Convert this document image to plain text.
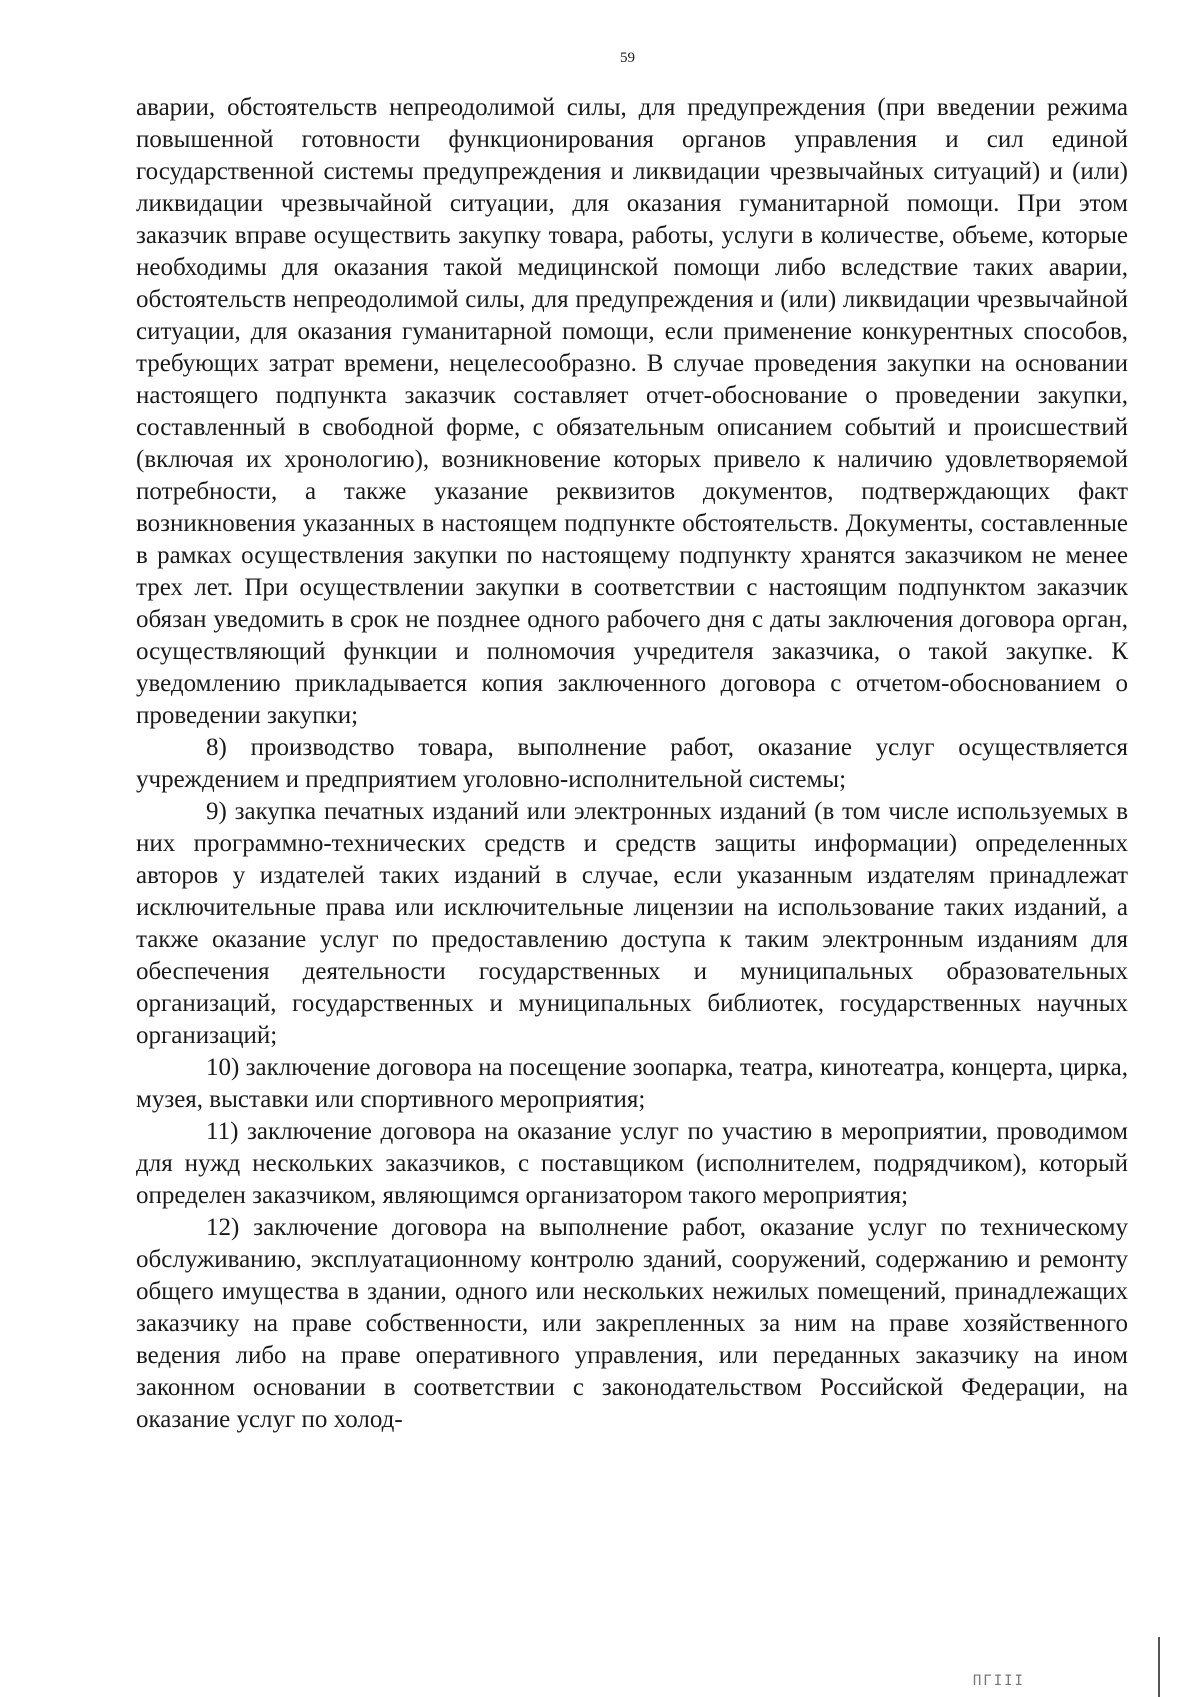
59

аварии, обстоятельств непреодолимой силы, для предупреждения (при введении режима повышенной готовности функционирования органов управления и сил единой государственной системы предупреждения и ликвидации чрезвычайных ситуаций) и (или) ликвидации чрезвычайной ситуации, для оказания гуманитарной помощи. При этом заказчик вправе осуществить закупку товара, работы, услуги в количестве, объеме, которые необходимы для оказания такой медицинской помощи либо вследствие таких аварии, обстоятельств непреодолимой силы, для предупреждения и (или) ликвидации чрезвычайной ситуации, для оказания гуманитарной помощи, если применение конкурентных способов, требующих затрат времени, нецелесообразно. В случае проведения закупки на основании настоящего подпункта заказчик составляет отчет-обоснование о проведении закупки, составленный в свободной форме, с обязательным описанием событий и происшествий (включая их хронологию), возникновение которых привело к наличию удовлетворяемой потребности, а также указание реквизитов документов, подтверждающих факт возникновения указанных в настоящем подпункте обстоятельств. Документы, составленные в рамках осуществления закупки по настоящему подпункту хранятся заказчиком не менее трех лет. При осуществлении закупки в соответствии с настоящим подпунктом заказчик обязан уведомить в срок не позднее одного рабочего дня с даты заключения договора орган, осуществляющий функции и полномочия учредителя заказчика, о такой закупке. К уведомлению прикладывается копия заключенного договора с отчетом-обоснованием о проведении закупки;

8) производство товара, выполнение работ, оказание услуг осуществляется учреждением и предприятием уголовно-исполнительной системы;

9) закупка печатных изданий или электронных изданий (в том числе используемых в них программно-технических средств и средств защиты информации) определенных авторов у издателей таких изданий в случае, если указанным издателям принадлежат исключительные права или исключительные лицензии на использование таких изданий, а также оказание услуг по предоставлению доступа к таким электронным изданиям для обеспечения деятельности государственных и муниципальных образовательных организаций, государственных и муниципальных библиотек, государственных научных организаций;

10) заключение договора на посещение зоопарка, театра, кинотеатра, концерта, цирка, музея, выставки или спортивного мероприятия;

11) заключение договора на оказание услуг по участию в мероприятии, проводимом для нужд нескольких заказчиков, с поставщиком (исполнителем, подрядчиком), который определен заказчиком, являющимся организатором такого мероприятия;

12) заключение договора на выполнение работ, оказание услуг по техническому обслуживанию, эксплуатационному контролю зданий, сооружений, содержанию и ремонту общего имущества в здании, одного или нескольких нежилых помещений, принадлежащих заказчику на праве собственности, или закрепленных за ним на праве хозяйственного ведения либо на праве оперативного управления, или переданных заказчику на ином законном основании в соответствии с законодательством Российской Федерации, на оказание услуг по холод-

ПΓΙΙΙ
